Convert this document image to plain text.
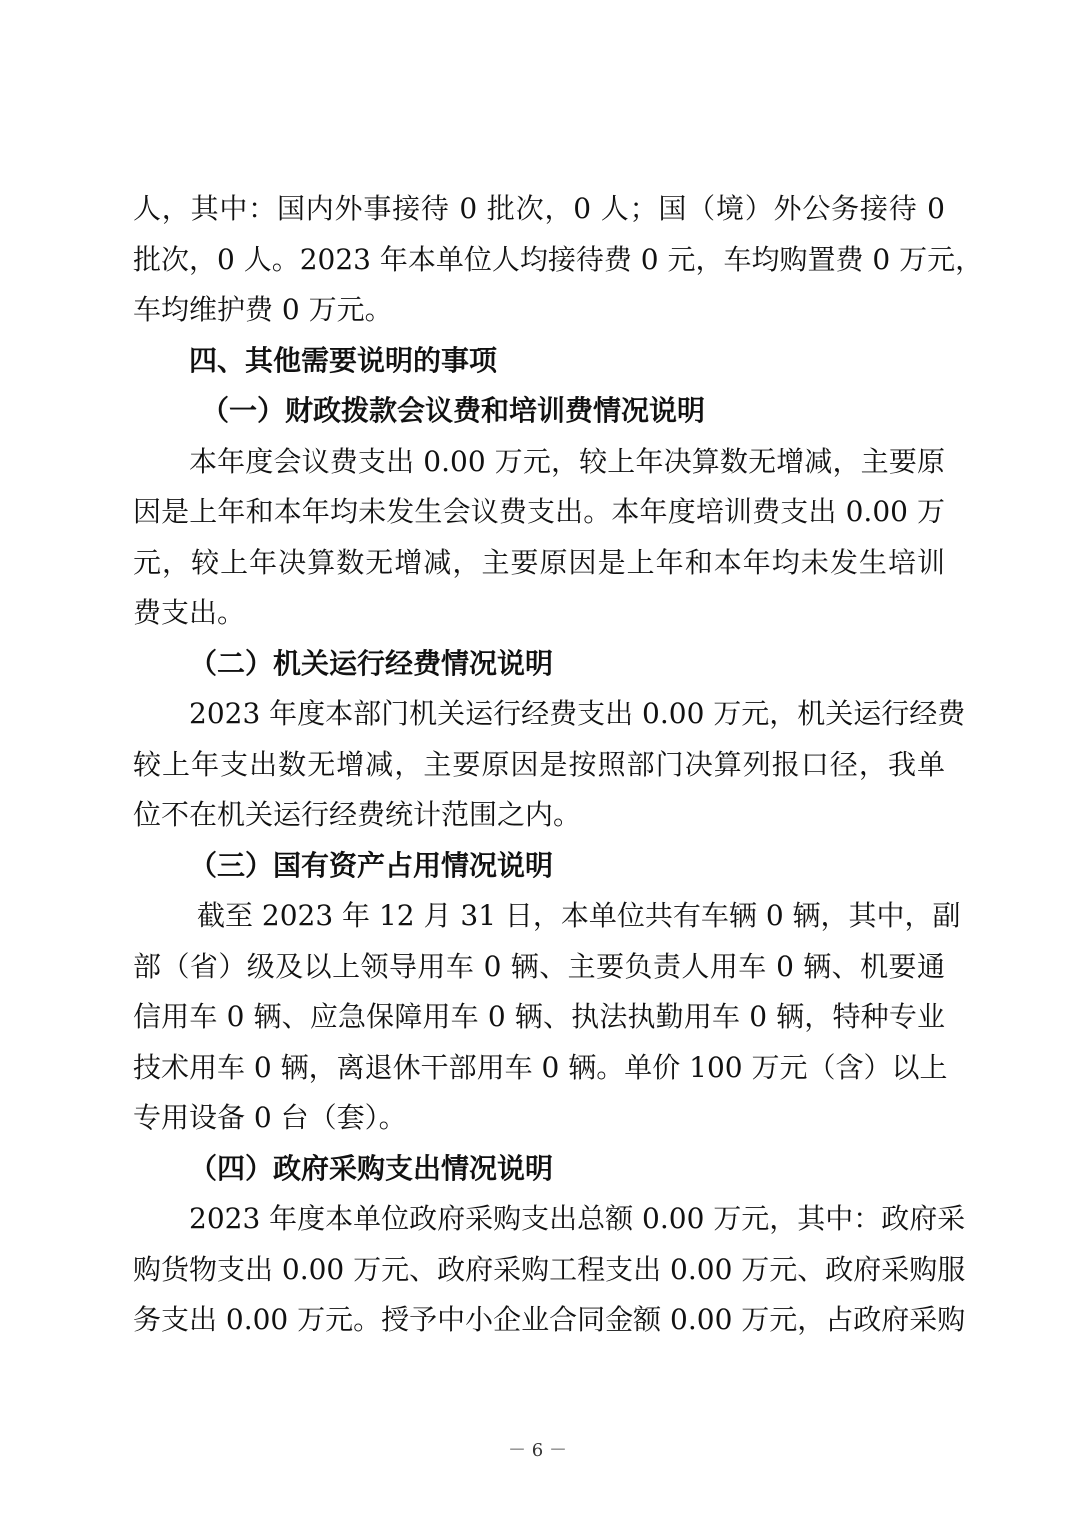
人，其中：国内外事接待 0 批次，0 人；国（境）外公务接待 0
批次，0 人。2023 年本单位人均接待费 0 元，车均购置费 0 万元，
车均维护费 0 万元。
四、其他需要说明的事项
（一）财政拨款会议费和培训费情况说明
本年度会议费支出 0.00 万元，较上年决算数无增减，主要原
因是上年和本年均未发生会议费支出。本年度培训费支出 0.00 万
元，较上年决算数无增减，主要原因是上年和本年均未发生培训
费支出。
（二）机关运行经费情况说明
2023 年度本部门机关运行经费支出 0.00 万元，机关运行经费
较上年支出数无增减，主要原因是按照部门决算列报口径，我单
位不在机关运行经费统计范围之内。
（三）国有资产占用情况说明
截至 2023 年 12 月 31 日，本单位共有车辆 0 辆，其中，副
部（省）级及以上领导用车 0 辆、主要负责人用车 0 辆、机要通
信用车 0 辆、应急保障用车 0 辆、执法执勤用车 0 辆，特种专业
技术用车 0 辆，离退休干部用车 0 辆。单价 100 万元（含）以上
专用设备 0 台（套）。
（四）政府采购支出情况说明
2023 年度本单位政府采购支出总额 0.00 万元，其中：政府采
购货物支出 0.00 万元、政府采购工程支出 0.00 万元、政府采购服
务支出 0.00 万元。授予中小企业合同金额 0.00 万元，占政府采购
－ 6 －
